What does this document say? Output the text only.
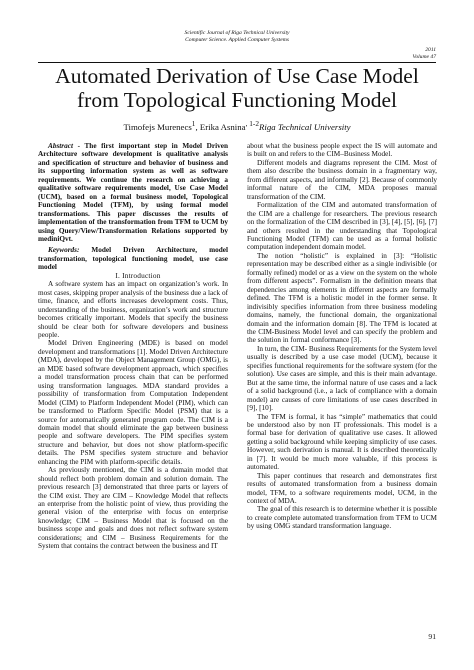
Scientific Journal of Riga Technical University
Computer Science. Applied Computer Systems
2011
Volume 47
Automated Derivation of Use Case Model from Topological Functioning Model
Timofejs Murenecs$^1$, Erika Asnina$^{, 1-2}$Riga Technical University

Abstract - The first important step in Model Driven Architecture software development is qualitative analysis and specification of structure and behavior of business and its supporting information system as well as software requirements. We continue the research on achieving a qualitative software requirements model, Use Case Model (UCM), based on a formal business model, Topological Functioning Model (TFM), by using formal model transformations. This paper discusses the results of implementation of the transformation from TFM to UCM by using Query/View/Transformation Relations supported by mediniQvt.

Keywords: Model Driven Architecture, model transformation, topological functioning model, use case model

I. Introduction

A software system has an impact on organization’s work. In most cases, skipping proper analysis of the business due a lack of time, finance, and efforts increases development costs. Thus, understanding of the business, organization’s work and structure becomes critically important. Models that specify the business should be clear both for software developers and business people.

Model Driven Engineering (MDE) is based on model development and transformations [1]. Model Driven Architecture (MDA), developed by the Object Management Group (OMG), is an MDE based software development approach, which specifies a model transformation process chain that can be performed using transformation languages. MDA standard provides a possibility of transformation from Computation Independent Model (CIM) to Platform Independent Model (PIM), which can be transformed to Platform Specific Model (PSM) that is a source for automatically generated program code. The CIM is a domain model that should eliminate the gap between business people and software developers. The PIM specifies system structure and behavior, but does not show platform-specific details. The PSM specifies system structure and behavior enhancing the PIM with platform-specific details.

As previously mentioned, the CIM is a domain model that should reflect both problem domain and solution domain. The previous research [3] demonstrated that three parts or layers of the CIM exist. They are CIM – Knowledge Model that reflects an enterprise from the holistic point of view, thus providing the general vision of the enterprise with focus on enterprise knowledge; CIM – Business Model that is focused on the business scope and goals and does not reflect software system considerations; and CIM – Business Requirements for the System that contains the contract between the business and IT

about what the business people expect the IS will automate and is built on and refers to the CIM–Business Model.

Different models and diagrams represent the CIM. Most of them also describe the business domain in a fragmentary way, from different aspects, and informally [2]. Because of commonly informal nature of the CIM, MDA proposes manual transformation of the CIM.

Formalization of the CIM and automated transformation of the CIM are a challenge for researchers. The previous research on the formalization of the CIM described in [3], [4], [5], [6], [7] and others resulted in the understanding that Topological Functioning Model (TFM) can be used as a formal holistic computation independent domain model.

The notion “holistic” is explained in [3]: “Holistic representation may be described either as a single indivisible (or formally refined) model or as a view on the system on the whole from different aspects”. Formalism in the definition means that dependencies among elements in different aspects are formally defined. The TFM is a holistic model in the former sense. It indivisibly specifies information from three business modeling domains, namely, the functional domain, the organizational domain and the information domain [8]. The TFM is located at the CIM-Business Model level and can specify the problem and the solution in formal conformance [3].

In turn, the CIM- Business Requirements for the System level usually is described by a use case model (UCM), because it specifies functional requirements for the software system (for the solution). Use cases are simple, and this is their main advantage. But at the same time, the informal nature of use cases and a lack of a solid background (i.e., a lack of compliance with a domain model) are causes of core limitations of use cases described in [9], [10].

The TFM is formal, it has “simple” mathematics that could be understood also by non IT professionals. This model is a formal base for derivation of qualitative use cases. It allowed getting a solid background while keeping simplicity of use cases. However, such derivation is manual. It is described theoretically in [7]. It would be much more valuable, if this process is automated.

This paper continues that research and demonstrates first results of automated transformation from a business domain model, TFM, to a software requirements model, UCM, in the context of MDA.

The goal of this research is to determine whether it is possible to create complete automated transformation from TFM to UCM by using OMG standard transformation language.

91
